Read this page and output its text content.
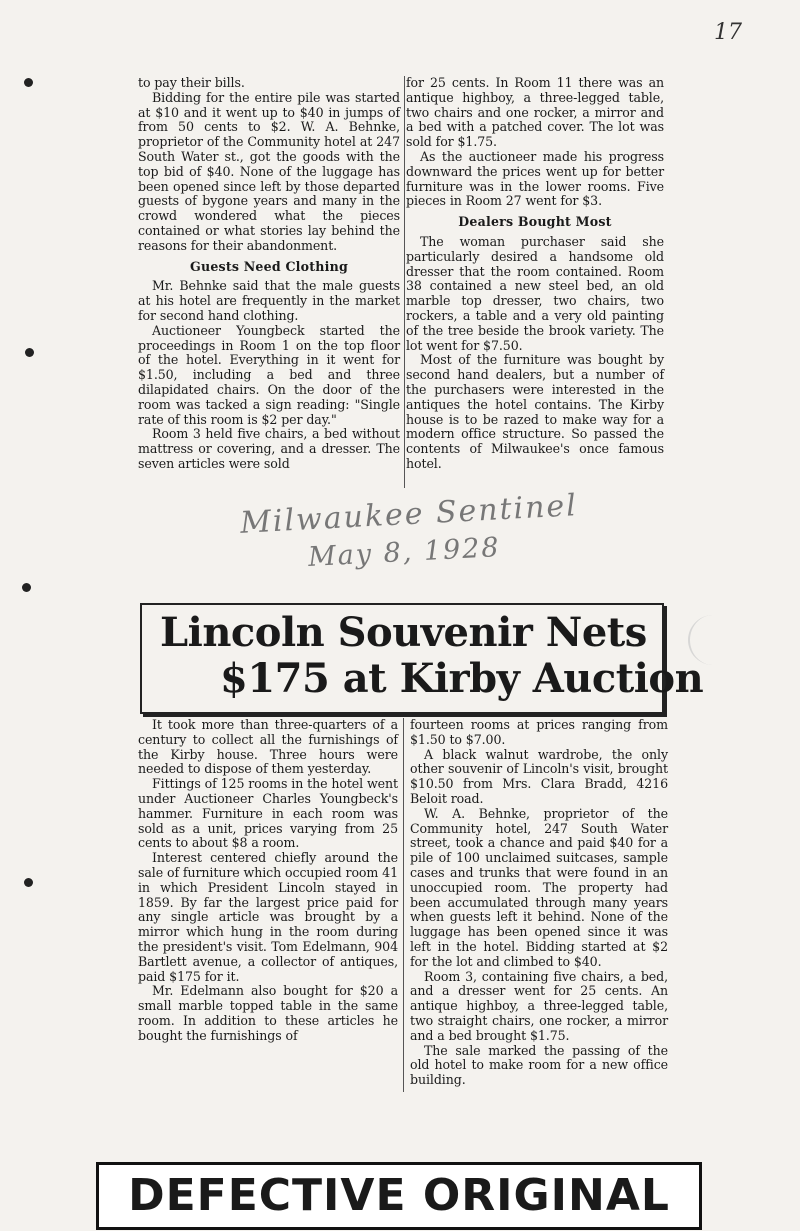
17

to pay their bills.

Bidding for the entire pile was started at $10 and it went up to $40 in jumps of from 50 cents to $2. W. A. Behnke, proprietor of the Community hotel at 247 South Water st., got the goods with the top bid of $40. None of the luggage has been opened since left by those departed guests of bygone years and many in the crowd wondered what the pieces contained or what stories lay behind the reasons for their abandonment.

Guests Need Clothing

Mr. Behnke said that the male guests at his hotel are frequently in the market for second hand clothing.

Auctioneer Youngbeck started the proceedings in Room 1 on the top floor of the hotel. Everything in it went for $1.50, including a bed and three dilapidated chairs. On the door of the room was tacked a sign reading: "Single rate of this room is $2 per day."

Room 3 held five chairs, a bed without mattress or covering, and a dresser. The seven articles were sold

for 25 cents. In Room 11 there was an antique highboy, a three-legged table, two chairs and one rocker, a mirror and a bed with a patched cover. The lot was sold for $1.75.

As the auctioneer made his progress downward the prices went up for better furniture was in the lower rooms. Five pieces in Room 27 went for $3.

Dealers Bought Most

The woman purchaser said she particularly desired a handsome old dresser that the room contained. Room 38 contained a new steel bed, an old marble top dresser, two chairs, two rockers, a table and a very old painting of the tree beside the brook variety. The lot went for $7.50.

Most of the furniture was bought by second hand dealers, but a number of the purchasers were interested in the antiques the hotel contains. The Kirby house is to be razed to make way for a modern office structure. So passed the contents of Milwaukee's once famous hotel.

Milwaukee Sentinel
May 8, 1928
Lincoln Souvenir Nets
$175 at Kirby Auction

It took more than three-quarters of a century to collect all the furnishings of the Kirby house. Three hours were needed to dispose of them yesterday.

Fittings of 125 rooms in the hotel went under Auctioneer Charles Youngbeck's hammer. Furniture in each room was sold as a unit, prices varying from 25 cents to about $8 a room.

Interest centered chiefly around the sale of furniture which occupied room 41 in which President Lincoln stayed in 1859. By far the largest price paid for any single article was brought by a mirror which hung in the room during the president's visit. Tom Edelmann, 904 Bartlett avenue, a collector of antiques, paid $175 for it.

Mr. Edelmann also bought for $20 a small marble topped table in the same room. In addition to these articles he bought the furnishings of

fourteen rooms at prices ranging from $1.50 to $7.00.

A black walnut wardrobe, the only other souvenir of Lincoln's visit, brought $10.50 from Mrs. Clara Bradd, 4216 Beloit road.

W. A. Behnke, proprietor of the Community hotel, 247 South Water street, took a chance and paid $40 for a pile of 100 unclaimed suitcases, sample cases and trunks that were found in an unoccupied room. The property had been accumulated through many years when guests left it behind. None of the luggage has been opened since it was left in the hotel. Bidding started at $2 for the lot and climbed to $40.

Room 3, containing five chairs, a bed, and a dresser went for 25 cents. An antique highboy, a three-legged table, two straight chairs, one rocker, a mirror and a bed brought $1.75.

The sale marked the passing of the old hotel to make room for a new office building.

DEFECTIVE ORIGINAL
